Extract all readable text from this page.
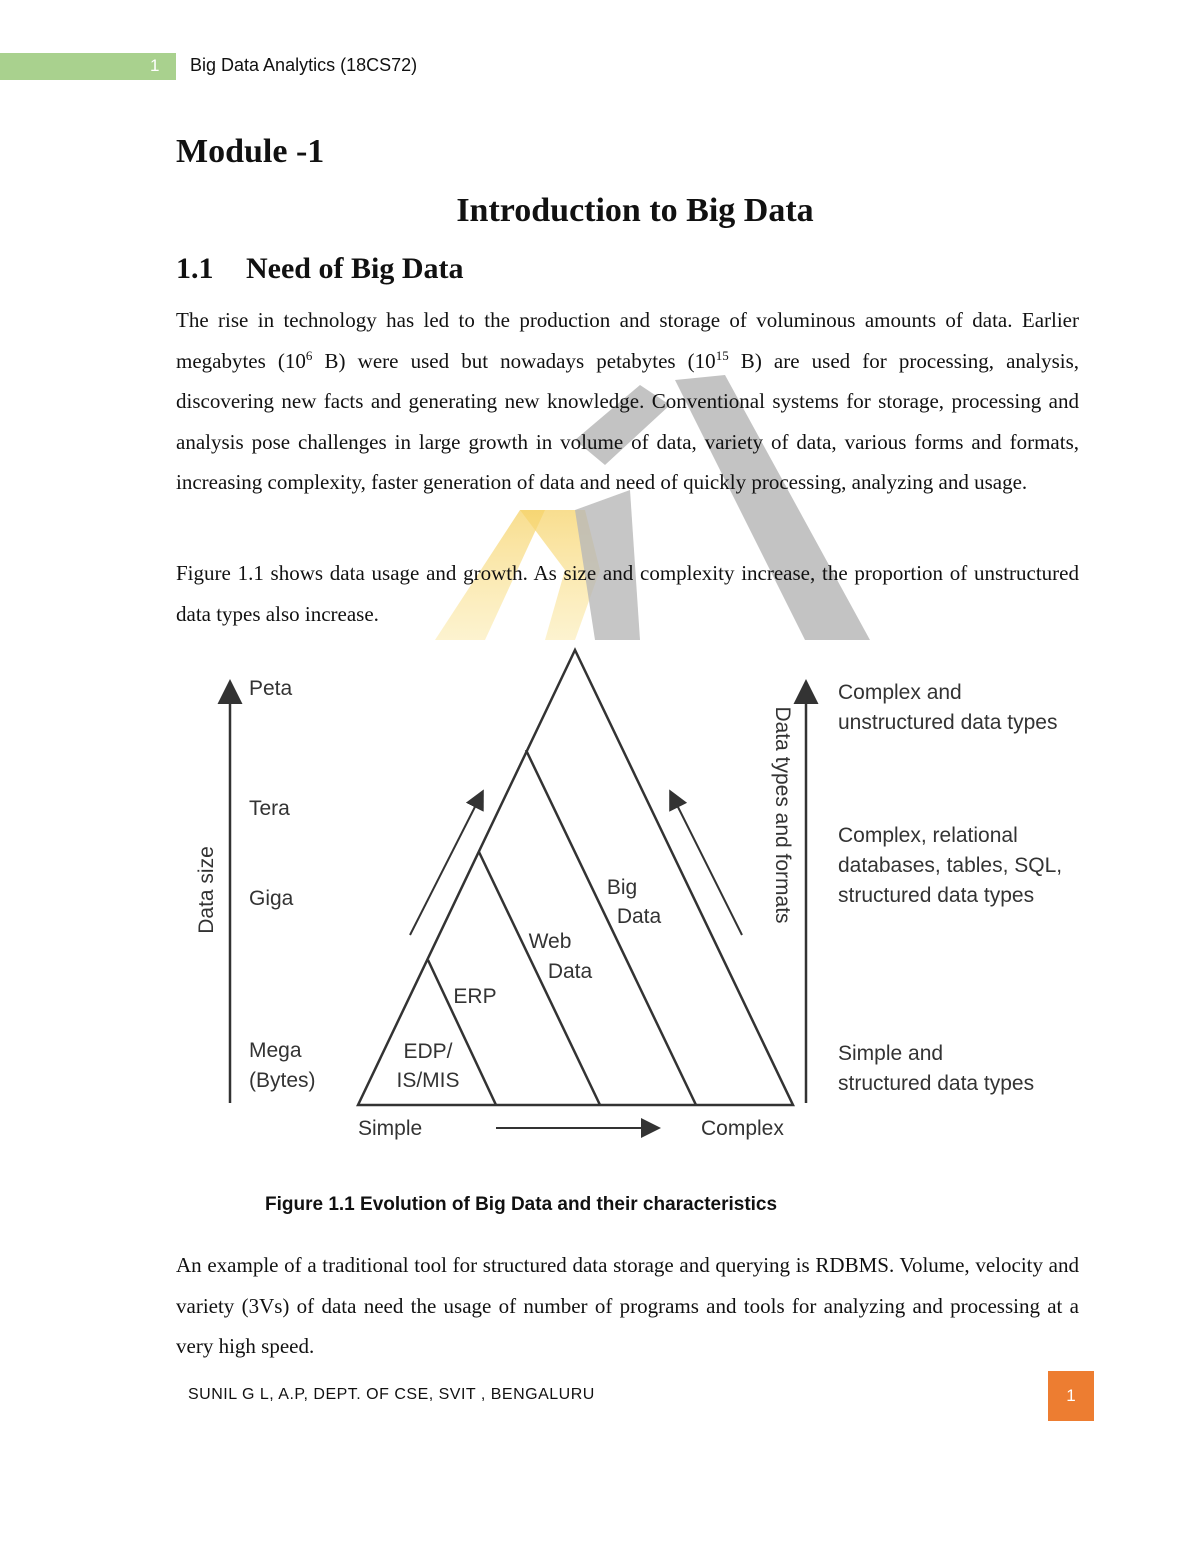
1 Big Data Analytics (18CS72)
Module -1
Introduction to Big Data
1.1 Need of Big Data
The rise in technology has led to the production and storage of voluminous amounts of data. Earlier megabytes ($10^6$ B) were used but nowadays petabytes ($10^{15}$ B) are used for processing, analysis, discovering new facts and generating new knowledge. Conventional systems for storage, processing and analysis pose challenges in large growth in volume of data, variety of data, various forms and formats, increasing complexity, faster generation of data and need of quickly processing, analyzing and usage.
Figure 1.1 shows data usage and growth. As size and complexity increase, the proportion of unstructured data types also increase.
Data size
Peta
Tera
Giga
Mega
(Bytes)
EDP/
IS/MIS
ERP
Web
Data
Big
Data
Simple	Complex
Data types and formats
Complex and
unstructured data types
Complex, relational
databases, tables, SQL,
structured data types
Simple and
structured data types
Figure 1.1 Evolution of Big Data and their characteristics
An example of a traditional tool for structured data storage and querying is RDBMS. Volume, velocity and variety (3Vs) of data need the usage of number of programs and tools for analyzing and processing at a very high speed.
SUNIL G L, A.P, DEPT. OF CSE, SVIT , BENGALURU	1
